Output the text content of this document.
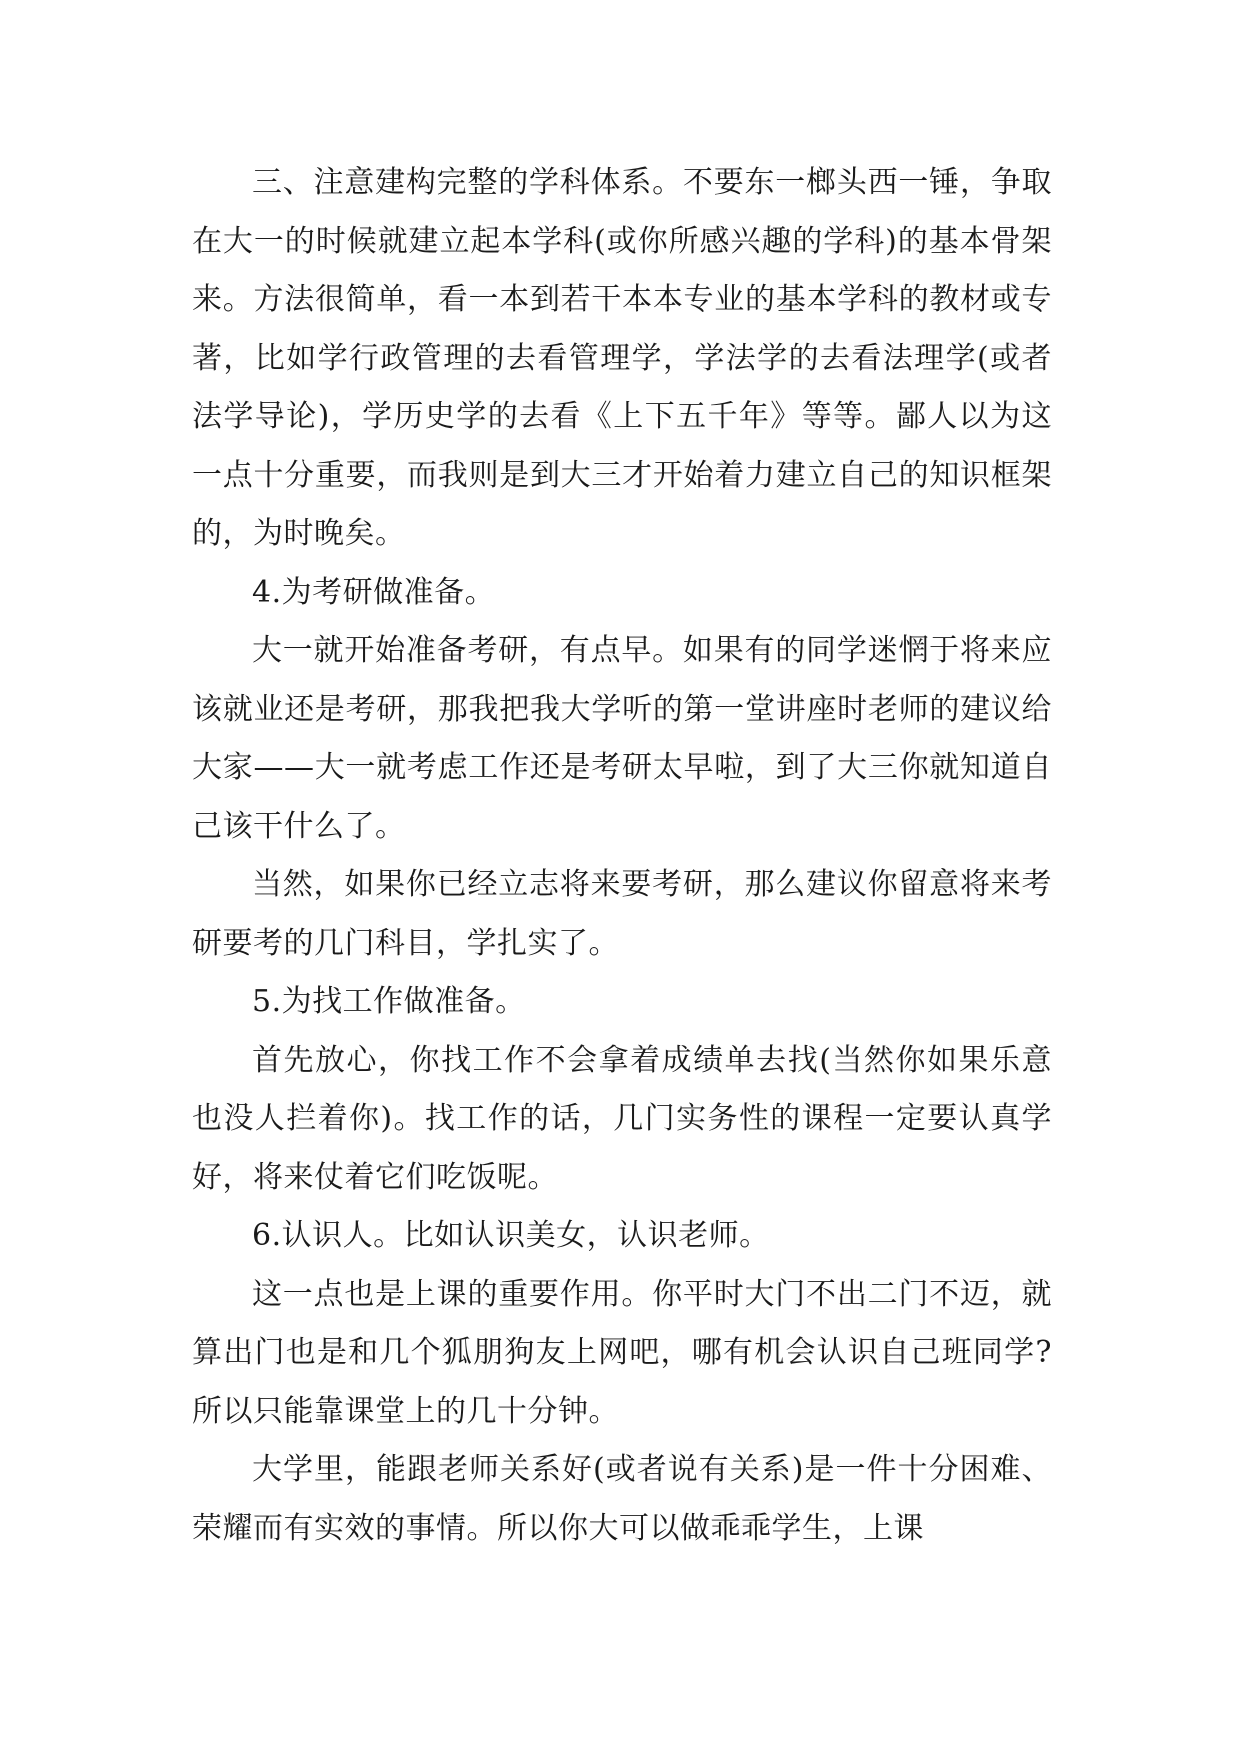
三、注意建构完整的学科体系。不要东一榔头西一锤，争取在大一的时候就建立起本学科(或你所感兴趣的学科)的基本骨架来。方法很简单，看一本到若干本本专业的基本学科的教材或专著，比如学行政管理的去看管理学，学法学的去看法理学(或者法学导论)，学历史学的去看《上下五千年》等等。鄙人以为这一点十分重要，而我则是到大三才开始着力建立自己的知识框架的，为时晚矣。

4.为考研做准备。

大一就开始准备考研，有点早。如果有的同学迷惘于将来应该就业还是考研，那我把我大学听的第一堂讲座时老师的建议给大家——大一就考虑工作还是考研太早啦，到了大三你就知道自己该干什么了。

当然，如果你已经立志将来要考研，那么建议你留意将来考研要考的几门科目，学扎实了。

5.为找工作做准备。

首先放心，你找工作不会拿着成绩单去找(当然你如果乐意也没人拦着你)。找工作的话，几门实务性的课程一定要认真学好，将来仗着它们吃饭呢。

6.认识人。比如认识美女，认识老师。

这一点也是上课的重要作用。你平时大门不出二门不迈，就算出门也是和几个狐朋狗友上网吧，哪有机会认识自己班同学?所以只能靠课堂上的几十分钟。

大学里，能跟老师关系好(或者说有关系)是一件十分困难、荣耀而有实效的事情。所以你大可以做乖乖学生，上课
